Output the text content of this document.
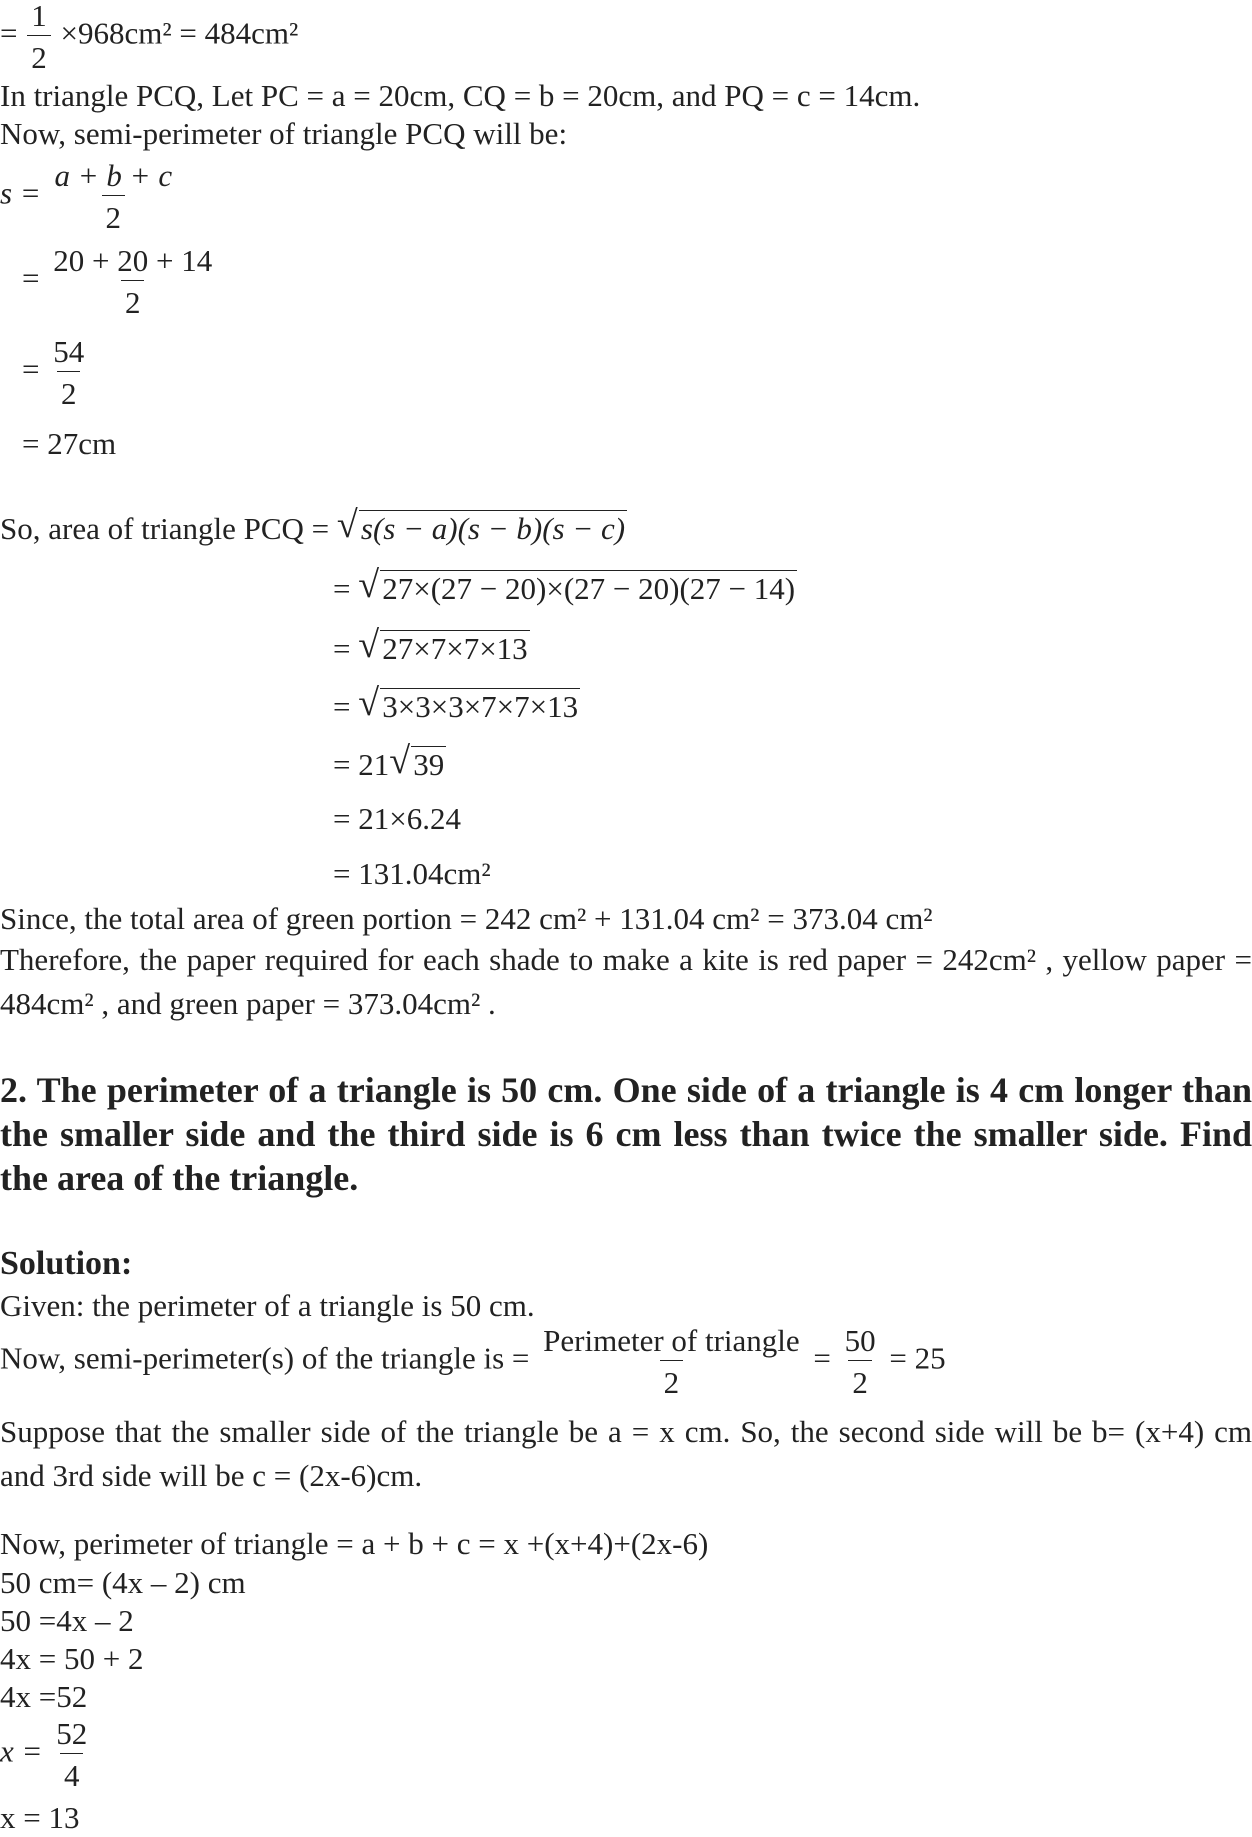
= $\frac{1}{2} \times 968cm^2 = 484cm^2$
In triangle PCQ, Let PC = a = 20cm, CQ = b = 20cm, and PQ = c = 14cm.
Now, semi-perimeter of triangle PCQ will be:
$s = \frac{a + b + c}{2}$
= $\frac{20 + 20 + 14}{2}$
= $\frac{54}{2}$
= 27cm
So, area of triangle PCQ = √ s(s − a)(s − b)(s − c)
= √ 27×(27 − 20)×(27 − 20)(27 − 14)
= √ 27×7×7×13
= √ 3×3×3×7×7×13
= 21 √ 39
= 21×6.24
= 131.04cm²
Since, the total area of green portion = 242 cm² + 131.04 cm² = 373.04 cm²
Therefore, the paper required for each shade to make a kite is red paper = 242cm² , yellow paper = 484cm² , and green paper = 373.04cm² .
2. The perimeter of a triangle is 50 cm. One side of a triangle is 4 cm longer than the smaller side and the third side is 6 cm less than twice the smaller side. Find the area of the triangle.
Solution:
Given: the perimeter of a triangle is 50 cm.
Now, semi-perimeter(s) of the triangle is = $\frac{\text{Perimeter of triangle}}{2} = \frac{50}{2} = 25$
Suppose that the smaller side of the triangle be a = x cm. So, the second side will be b= (x+4) cm and 3rd side will be c = (2x-6)cm.
Now, perimeter of triangle = a + b + c = x +(x+4)+(2x-6)
50 cm= (4x – 2) cm
50 =4x – 2
4x = 50 + 2
4x =52
$x = \frac{52}{4}$
x = 13
